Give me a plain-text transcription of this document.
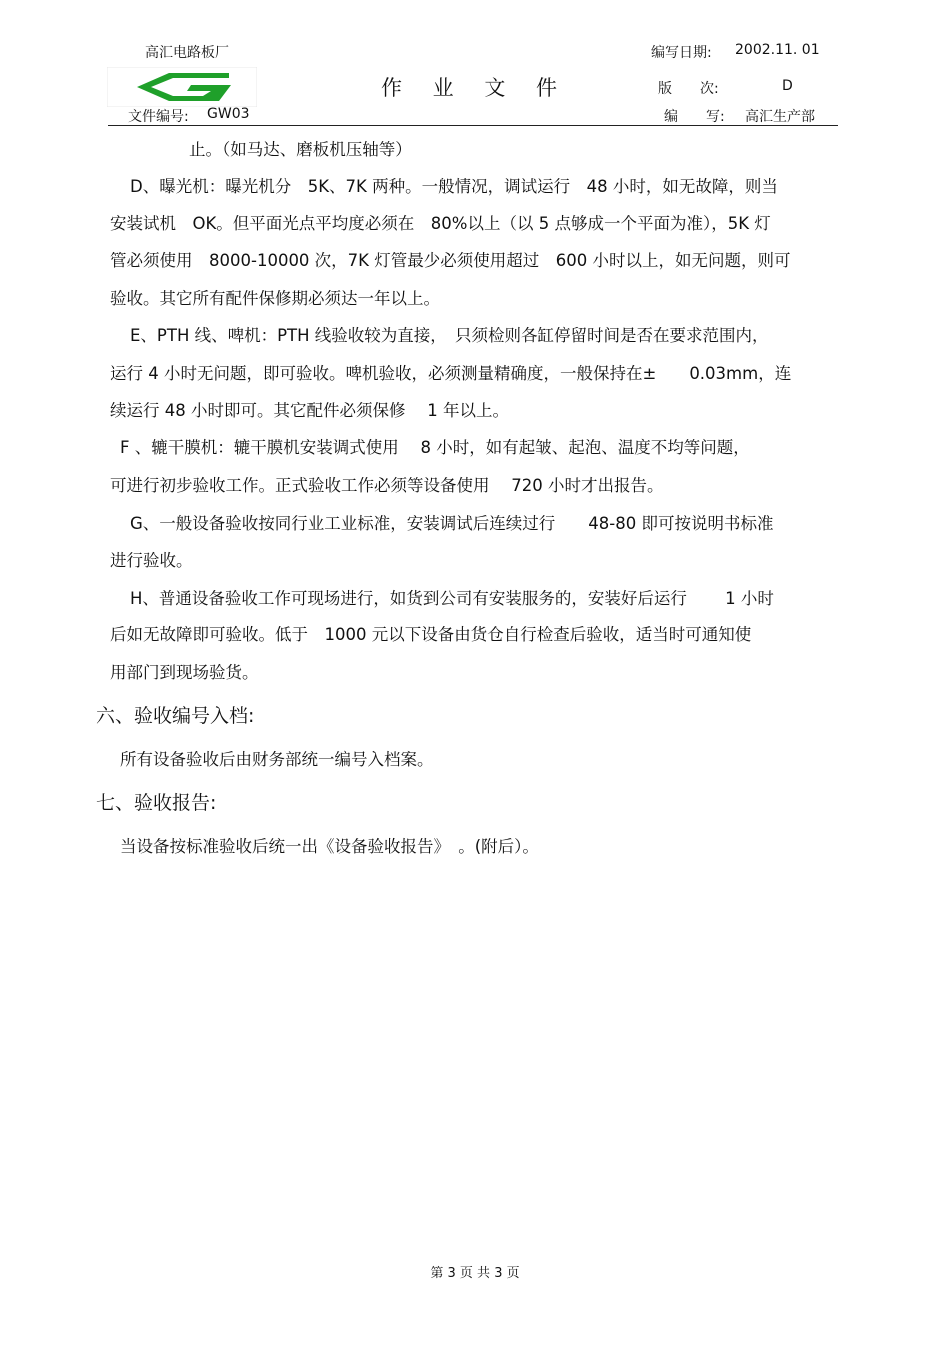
高汇电路板厂
文件编号: GW03
作 业 文 件
编写日期: 2002.11. 01
版　　次:	D
编　　写: 高汇生产部
止。（如马达、磨板机压轴等）
D、曝光机：曝光机分　5K、7K 两种。一般情况，调试运行　48 小时，如无故障，则当
安装试机　OK。但平面光点平均度必须在　80%以上（以 5 点够成一个平面为准），5K 灯
管必须使用　8000-10000 次，7K 灯管最少必须使用超过　600 小时以上，如无问题，则可
验收。其它所有配件保修期必须达一年以上。
E、PTH 线、啤机：PTH 线验收较为直接，　只须检则各缸停留时间是否在要求范围内，
运行 4 小时无问题，即可验收。啤机验收，必须测量精确度，一般保持在±　　0.03mm，连
续运行 48 小时即可。其它配件必须保修　 1 年以上。
F 、辘干膜机：辘干膜机安装调式使用　 8 小时，如有起皱、起泡、温度不均等问题，
可进行初步验收工作。正式验收工作必须等设备使用　 720 小时才出报告。
G、一般设备验收按同行业工业标准，安装调试后连续过行　　48-80 即可按说明书标准
进行验收。
H、普通设备验收工作可现场进行，如货到公司有安装服务的，安装好后运行　　 1 小时
后如无故障即可验收。低于　1000 元以下设备由货仓自行检查后验收，适当时可通知使
用部门到现场验货。
六、验收编号入档:
所有设备验收后由财务部统一编号入档案。
七、验收报告:
当设备按标准验收后统一出《设备验收报告》　。(附后）。
第 3 页 共 3 页
